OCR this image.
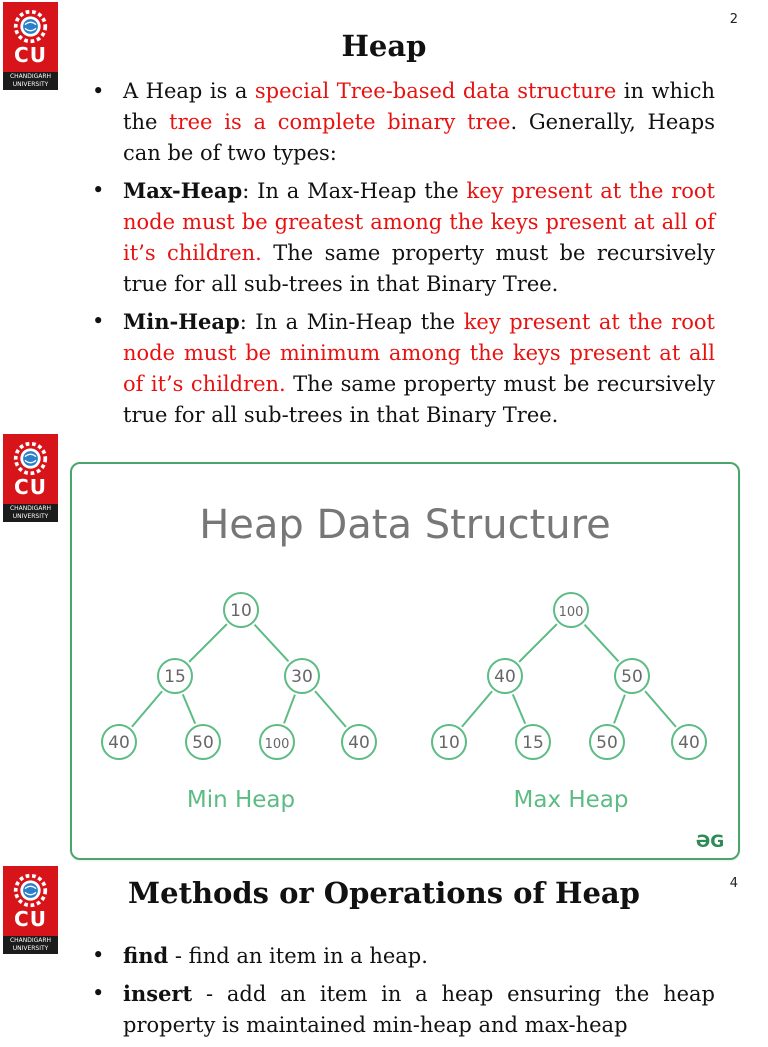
CU
CHANDIGARH
UNIVERSITY
2
Heap
• A Heap is a special Tree-based data structure in which the tree is a complete binary tree. Generally, Heaps can be of two types:
• Max-Heap: In a Max-Heap the key present at the root node must be greatest among the keys present at all of it’s children. The same property must be recursively true for all sub-trees in that Binary Tree.
• Min-Heap: In a Min-Heap the key present at the root node must be minimum among the keys present at all of it’s children. The same property must be recursively true for all sub-trees in that Binary Tree.
CU
CHANDIGARH
UNIVERSITY	Heap Data Structure
10
15	30
40	50	100	40
Min Heap
100
40	50
10	15	50	40
Max Heap
ƏG
CU
CHANDIGARH
UNIVERSITY
4
Methods or Operations of Heap
• find - find an item in a heap.
• insert - add an item in a heap ensuring the heap property is maintained min-heap and max-heap
